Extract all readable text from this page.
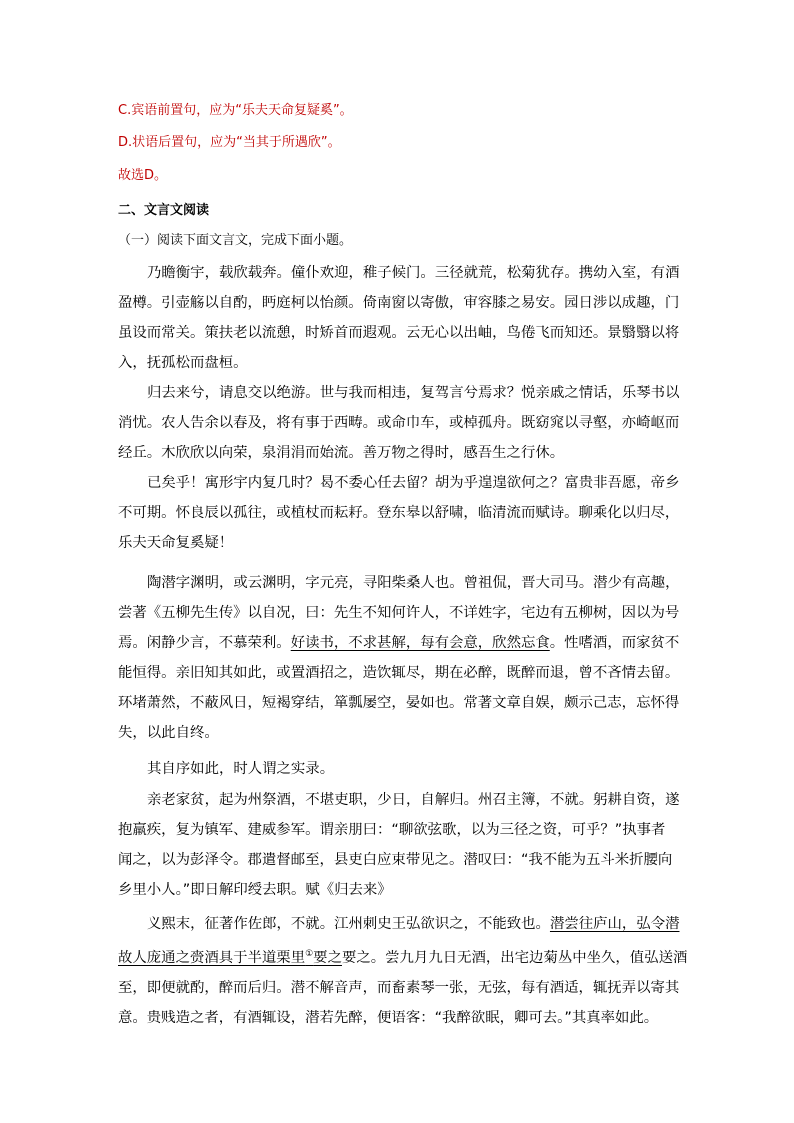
C.宾语前置句，应为“乐夫天命复疑奚”。
D.状语后置句，应为“当其于所遇欣”。
故选D。
二、文言文阅读
（一）阅读下面文言文，完成下面小题。
乃瞻衡宇，载欣载奔。僮仆欢迎，稚子候门。三径就荒，松菊犹存。携幼入室，有酒
盈樽。引壶觞以自酌，眄庭柯以怡颜。倚南窗以寄傲，审容膝之易安。园日涉以成趣，门
虽设而常关。策扶老以流憩，时矫首而遐观。云无心以出岫，鸟倦飞而知还。景翳翳以将
入，抚孤松而盘桓。
归去来兮，请息交以绝游。世与我而相违，复驾言兮焉求？悦亲戚之情话，乐琴书以
消忧。农人告余以春及，将有事于西畴。或命巾车，或棹孤舟。既窈窕以寻壑，亦崎岖而
经丘。木欣欣以向荣，泉涓涓而始流。善万物之得时，感吾生之行休。
已矣乎！寓形宇内复几时？曷不委心任去留？胡为乎遑遑欲何之？富贵非吾愿，帝乡
不可期。怀良辰以孤往，或植杖而耘耔。登东皋以舒啸，临清流而赋诗。聊乘化以归尽，
乐夫天命复奚疑！
陶潜字渊明，或云渊明，字元亮，寻阳柴桑人也。曾祖侃，晋大司马。潜少有高趣，
尝著《五柳先生传》以自况，曰：先生不知何许人，不详姓字，宅边有五柳树，因以为号
焉。闲静少言，不慕荣利。好读书，不求甚解，每有会意，欣然忘食。性嗜酒，而家贫不
能恒得。亲旧知其如此，或置酒招之，造饮辄尽，期在必醉，既醉而退，曾不吝情去留。
环堵萧然，不蔽风日，短褐穿结，箪瓢屡空，晏如也。常著文章自娱，颇示己志，忘怀得
失，以此自终。
其自序如此，时人谓之实录。
亲老家贫，起为州祭酒，不堪吏职，少日，自解归。州召主簿，不就。躬耕自资，遂
抱羸疾，复为镇军、建威参军。谓亲朋曰：“聊欲弦歌，以为三径之资，可乎？”执事者
闻之，以为彭泽令。郡遣督邮至，县吏白应束带见之。潜叹曰：“我不能为五斗米折腰向
乡里小人。”即日解印绶去职。赋《归去来》
义熙末，征著作佐郎，不就。江州刺史王弘欲识之，不能致也。潜尝往庐山，弘令潜
故人庞通之赍酒具于半道栗里①要之要之。尝九月九日无酒，出宅边菊丛中坐久，值弘送酒
至，即便就酌，醉而后归。潜不解音声，而畜素琴一张，无弦，每有酒适，辄抚弄以寄其
意。贵贱造之者，有酒辄设，潜若先醉，便语客：“我醉欲眠，卿可去。”其真率如此。
